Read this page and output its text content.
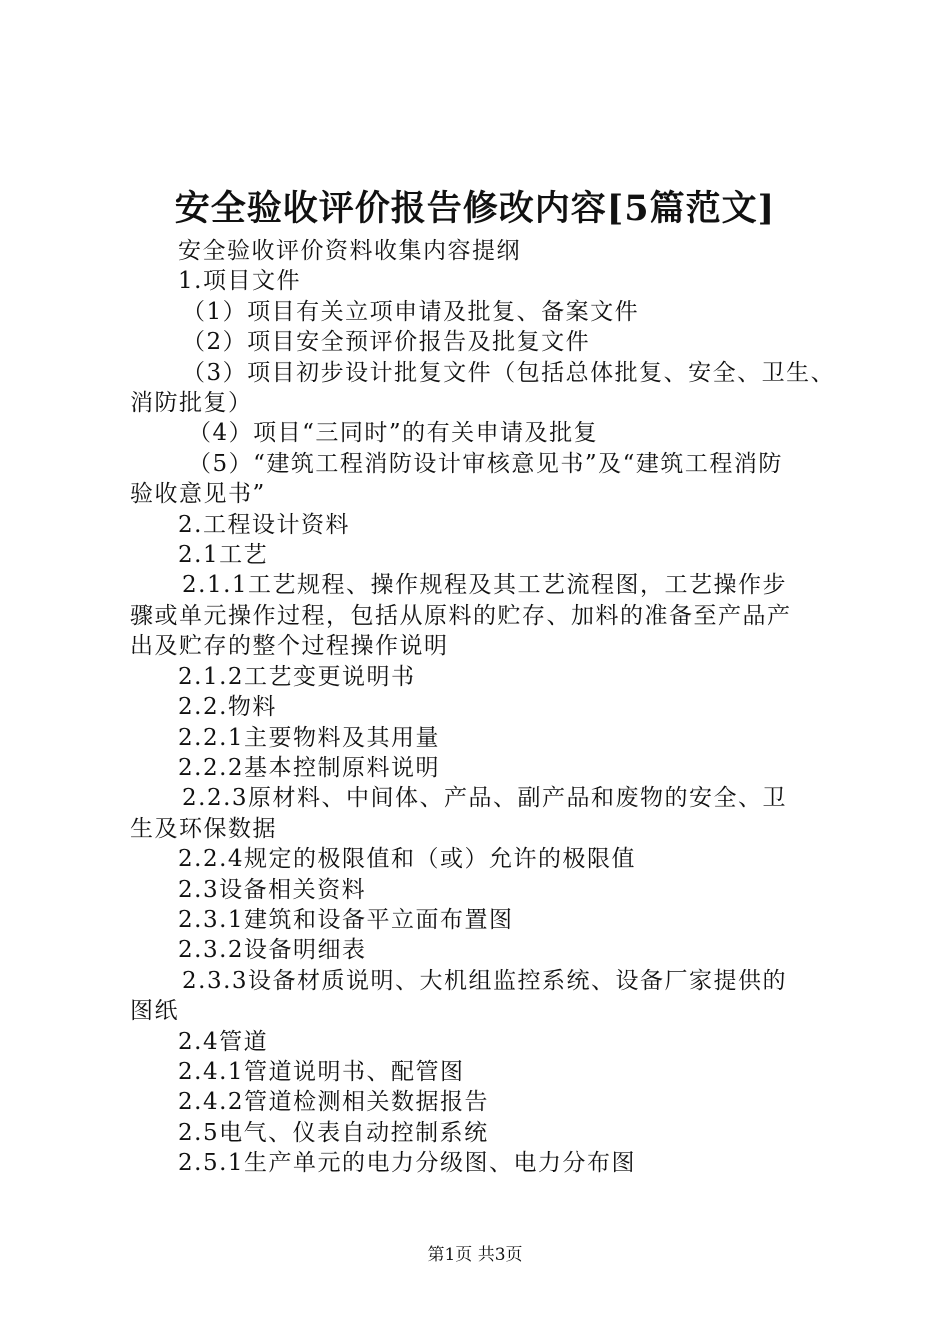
安全验收评价报告修改内容[5篇范文]

安全验收评价资料收集内容提纲

1.项目文件

（1）项目有关立项申请及批复、备案文件

（2）项目安全预评价报告及批复文件

（3）项目初步设计批复文件（包括总体批复、安全、卫生、

消防批复）

（4）项目“三同时”的有关申请及批复

（5）“建筑工程消防设计审核意见书”及“建筑工程消防

验收意见书”

2.工程设计资料

2.1工艺

2.1.1工艺规程、操作规程及其工艺流程图，工艺操作步

骤或单元操作过程，包括从原料的贮存、加料的准备至产品产

出及贮存的整个过程操作说明

2.1.2工艺变更说明书

2.2.物料

2.2.1主要物料及其用量

2.2.2基本控制原料说明

2.2.3原材料、中间体、产品、副产品和废物的安全、卫

生及环保数据

2.2.4规定的极限值和（或）允许的极限值

2.3设备相关资料

2.3.1建筑和设备平立面布置图

2.3.2设备明细表

2.3.3设备材质说明、大机组监控系统、设备厂家提供的

图纸

2.4管道

2.4.1管道说明书、配管图

2.4.2管道检测相关数据报告

2.5电气、仪表自动控制系统

2.5.1生产单元的电力分级图、电力分布图

第1页 共3页
